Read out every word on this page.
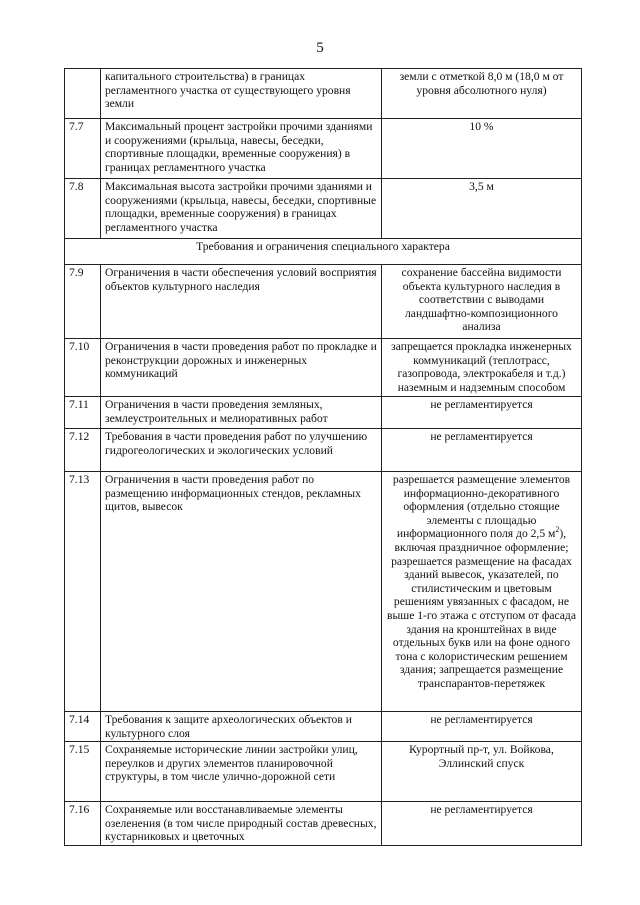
5
	капитального строительства) в границах регламентного участка от существующего уровня земли	земли с отметкой 8,0 м (18,0 м от уровня абсолютного нуля)
7.7	Максимальный процент застройки прочими зданиями и сооружениями (крыльца, навесы, беседки, спортивные площадки, временные сооружения) в границах регламентного участка	10 %
7.8	Максимальная высота застройки прочими зданиями и сооружениями (крыльца, навесы, беседки, спортивные площадки, временные сооружения) в границах регламентного участка	3,5 м
Требования и ограничения специального характера		
7.9	Ограничения в части обеспечения условий восприятия объектов культурного наследия	сохранение бассейна видимости объекта культурного наследия в соответствии с выводами ландшафтно-композиционного анализа
7.10	Ограничения в части проведения работ по прокладке и реконструкции дорожных и инженерных коммуникаций	запрещается прокладка инженерных коммуникаций (теплотрасс, газопровода, электрокабеля и т.д.) наземным и надземным способом
7.11	Ограничения в части проведения земляных, землеустроительных и мелиоративных работ	не регламентируется
7.12	Требования в части проведения работ по улучшению гидрогеологических и экологических условий	не регламентируется
7.13	Ограничения в части проведения работ по размещению информационных стендов, рекламных щитов, вывесок	разрешается размещение элементов информационно-декоративного оформления (отдельно стоящие элементы с площадью информационного поля до 2,5 $м^2$), включая праздничное оформление; разрешается размещение на фасадах зданий вывесок, указателей, по стилистическим и цветовым решениям увязанных с фасадом, не выше 1-го этажа с отступом от фасада здания на кронштейнах в виде отдельных букв или на фоне одного тона с колористическим решением здания; запрещается размещение транспарантов-перетяжек
7.14	Требования к защите археологических объектов и культурного слоя	не регламентируется
7.15	Сохраняемые исторические линии застройки улиц, переулков и других элементов планировочной структуры, в том числе улично-дорожной сети	Курортный пр-т, ул. Войкова, Эллинский спуск
7.16	Сохраняемые или восстанавливаемые элементы озеленения (в том числе природный состав древесных, кустарниковых и цветочных	не регламентируется
